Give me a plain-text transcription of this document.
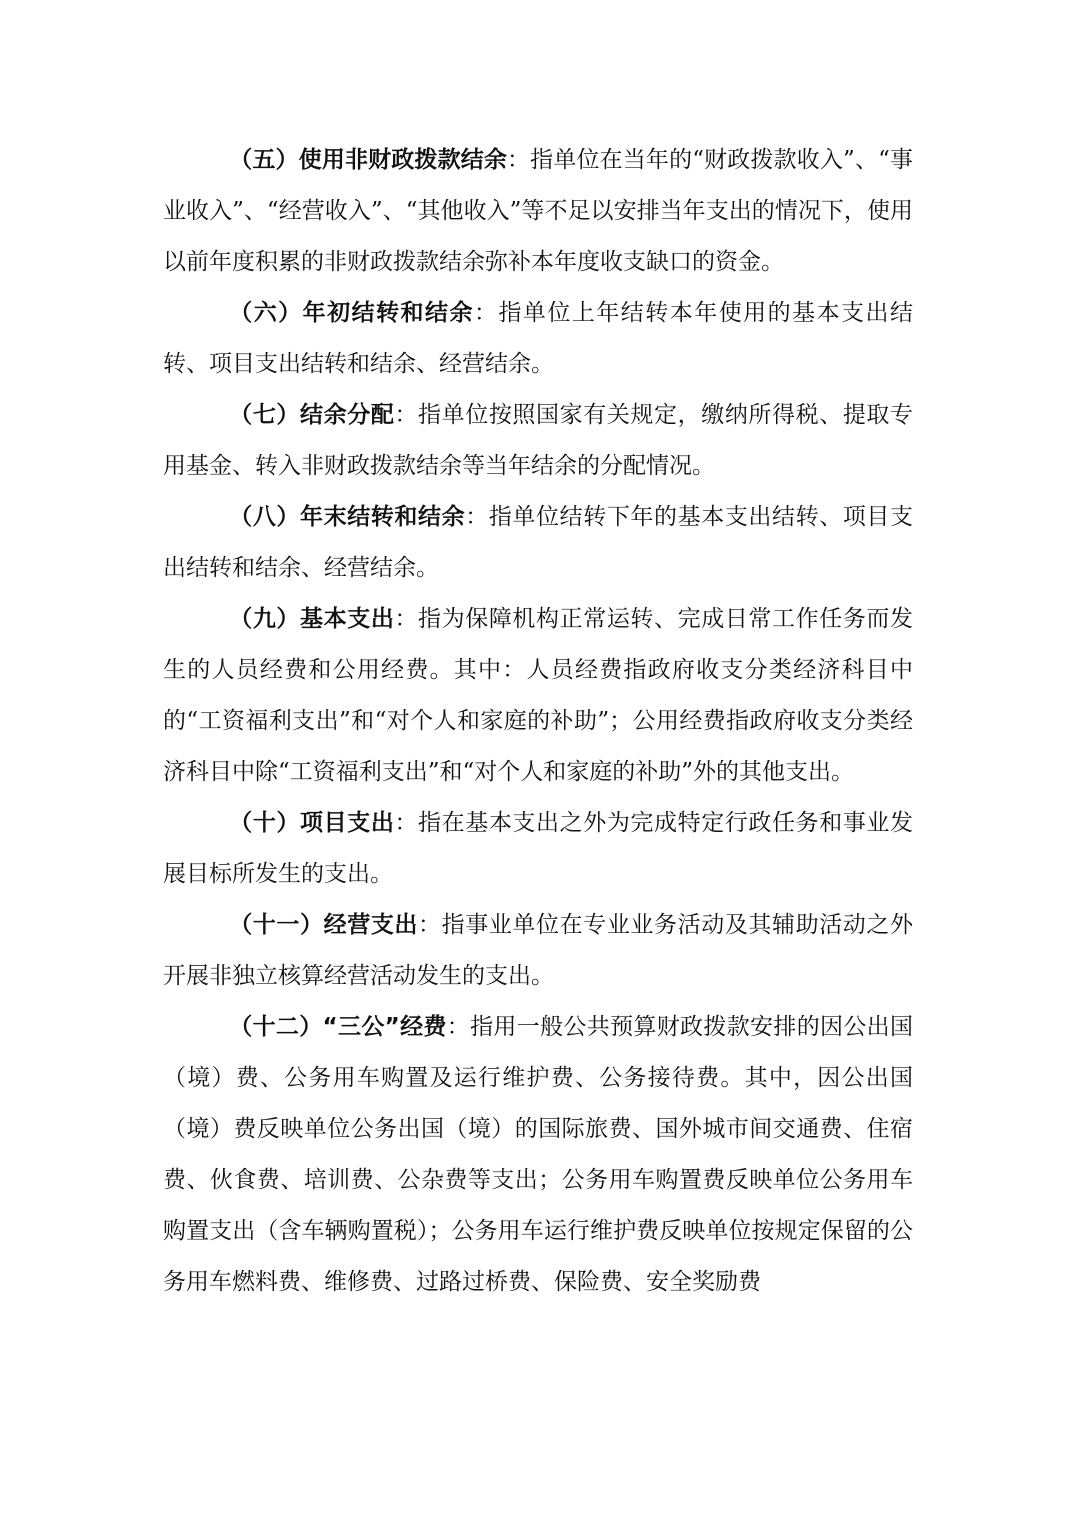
（五）使用非财政拨款结余：指单位在当年的“财政拨款收入”、“事业收入”、“经营收入”、“其他收入”等不足以安排当年支出的情况下，使用以前年度积累的非财政拨款结余弥补本年度收支缺口的资金。

（六）年初结转和结余：指单位上年结转本年使用的基本支出结转、项目支出结转和结余、经营结余。

（七）结余分配：指单位按照国家有关规定，缴纳所得税、提取专用基金、转入非财政拨款结余等当年结余的分配情况。

（八）年末结转和结余：指单位结转下年的基本支出结转、项目支出结转和结余、经营结余。

（九）基本支出：指为保障机构正常运转、完成日常工作任务而发生的人员经费和公用经费。其中：人员经费指政府收支分类经济科目中的“工资福利支出”和“对个人和家庭的补助”；公用经费指政府收支分类经济科目中除“工资福利支出”和“对个人和家庭的补助”外的其他支出。

（十）项目支出：指在基本支出之外为完成特定行政任务和事业发展目标所发生的支出。

（十一）经营支出：指事业单位在专业业务活动及其辅助活动之外开展非独立核算经营活动发生的支出。

（十二）“三公”经费：指用一般公共预算财政拨款安排的因公出国（境）费、公务用车购置及运行维护费、公务接待费。其中，因公出国（境）费反映单位公务出国（境）的国际旅费、国外城市间交通费、住宿费、伙食费、培训费、公杂费等支出；公务用车购置费反映单位公务用车购置支出（含车辆购置税）；公务用车运行维护费反映单位按规定保留的公务用车燃料费、维修费、过路过桥费、保险费、安全奖励费
